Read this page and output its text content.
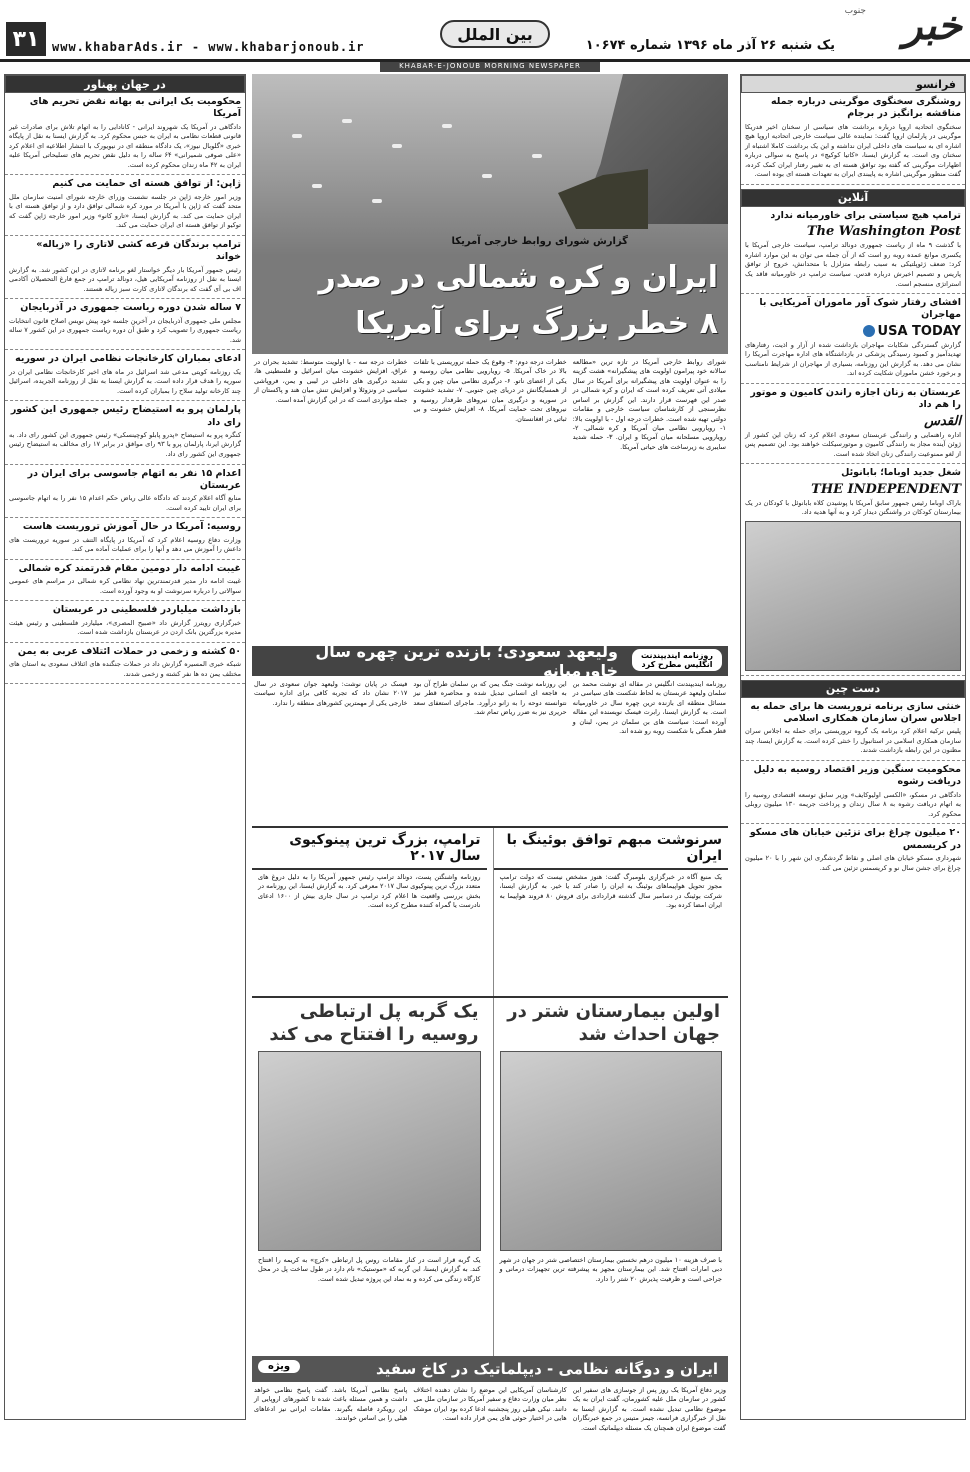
۳۱	www.khabarAds.ir - www.khabarjonoub.ir
بین الملل
یک شنبه ۲۶ آذر ماه ۱۳۹۶ شماره ۱۰۶۷۴ خبر
جنوب
KHABAR-E-JONOUB MORNING NEWSPAPER
در جهان پهناور
محکومیت یک ایرانی به بهانه نقض تحریم های آمریکا

دادگاهی در آمریکا یک شهروند ایرانی - کانادایی را به اتهام تلاش برای صادرات غیر قانونی قطعات نظامی به ایران به حبس محکوم کرد. به گزارش ایسنا به نقل از پایگاه خبری «گلوبال نیوز»، یک دادگاه منطقه ای در نیویورک با انتشار اطلاعیه ای اعلام کرد «علی صوفی شمیرانی» ۶۴ ساله را به دلیل نقض تحریم های تسلیحاتی آمریکا علیه ایران به ۴۲ ماه زندان محکوم کرده است.

ژاپن: از توافق هسته ای حمایت می کنیم

وزیر امور خارجه ژاپن در جلسه نشست وزرای خارجه شورای امنیت سازمان ملل متحد گفت که ژاپن با آمریکا در مورد کره شمالی توافق دارد و از توافق هسته ای با ایران حمایت می کند. به گزارش ایسنا، «تارو کانو» وزیر امور خارجه ژاپن گفت که توکیو از توافق هسته ای ایران حمایت می کند.

ترامپ برندگان قرعه کشی لاتاری را «زباله» خواند

رئیس جمهور آمریکا بار دیگر خواستار لغو برنامه لاتاری در این کشور شد. به گزارش ایسنا به نقل از روزنامه آمریکایی هیل، دونالد ترامپ در جمع فارغ التحصیلان آکادمی اف بی آی گفت که برندگان لاتاری کارت سبز زباله هستند.

۷ ساله شدن دوره ریاست جمهوری در آذربایجان

مجلس ملی جمهوری آذربایجان در آخرین جلسه خود پیش نویس اصلاح قانون انتخابات ریاست جمهوری را تصویب کرد و طبق آن دوره ریاست جمهوری در این کشور ۷ ساله شد.

ادعای بمباران کارخانجات نظامی ایران در سوریه

یک روزنامه کویتی مدعی شد اسرائیل در ماه های اخیر کارخانجات نظامی ایران در سوریه را هدف قرار داده است. به گزارش ایسنا به نقل از روزنامه الجریده، اسرائیل چند کارخانه تولید سلاح را بمباران کرده است.

پارلمان پرو به استیضاح رئیس جمهوری این کشور رای داد

کنگره پرو به استیضاح «پدرو پابلو کوچینسکی» رئیس جمهوری این کشور رای داد. به گزارش ایرنا، پارلمان پرو با ۹۳ رای موافق در برابر ۱۷ رای مخالف به استیضاح رئیس جمهوری این کشور رای داد.

اعدام ۱۵ نفر به اتهام جاسوسی برای ایران در عربستان

منابع آگاه اعلام کردند که دادگاه عالی ریاض حکم اعدام ۱۵ نفر را به اتهام جاسوسی برای ایران تایید کرده است.

روسیه: آمریکا در حال آموزش تروریست هاست

وزارت دفاع روسیه اعلام کرد که آمریکا در پایگاه التنف در سوریه تروریست های داعش را آموزش می دهد و آنها را برای عملیات آماده می کند.

غیبت ادامه دار دومین مقام قدرتمند کره شمالی

غیبت ادامه دار مدیر قدرتمندترین نهاد نظامی کره شمالی در مراسم های عمومی سوالاتی را درباره سرنوشت او به وجود آورده است.

بازداشت میلیاردر فلسطینی در عربستان

خبرگزاری رویترز گزارش داد «صبیح المصری»، میلیاردر فلسطینی و رئیس هیئت مدیره بزرگترین بانک اردن در عربستان بازداشت شده است.

۵۰ کشته و زخمی در حملات ائتلاف عربی به یمن

شبکه خبری المسیره گزارش داد در حملات جنگنده های ائتلاف سعودی به استان های مختلف یمن ده ها نفر کشته و زخمی شدند.

فرانسو
روشنگری سخنگوی موگرینی درباره جمله مناقشه برانگیز در برجام

سخنگوی اتحادیه اروپا درباره برداشت های سیاسی از سخنان اخیر فدریکا موگرینی در پارلمان اروپا گفت: نماینده عالی سیاست خارجی اتحادیه اروپا هیچ اشاره ای به سیاست های داخلی ایران نداشته و این یک برداشت کاملا اشتباه از سخنان وی است. به گزارش ایسنا، «کاتیا کوکیچ» در پاسخ به سوالی درباره اظهارات موگرینی که گفته بود توافق هسته ای به تغییر رفتار ایران کمک کرده، گفت منظور موگرینی اشاره به پایبندی ایران به تعهدات هسته ای بوده است.

آنلاین
ترامپ هیچ سیاستی برای خاورمیانه ندارد
The Washington Post

با گذشت ۹ ماه از ریاست جمهوری دونالد ترامپ، سیاست خارجی آمریکا با یکسری موانع عمده روبه رو است که از آن جمله می توان به این موارد اشاره کرد: ضعف ژئوپلتیکی به سبب رابطه متزلزل با متحدانش، خروج از توافق پاریس و تصمیم اخیرش درباره قدس. سیاست ترامپ در خاورمیانه فاقد یک استراتژی منسجم است.

افشای رفتار شوک آور ماموران آمریکایی با مهاجران
USA TODAY

گزارش گستردگی شکایات مهاجران بازداشت شده از آزار و اذیت، رفتارهای تهدیدآمیز و کمبود رسیدگی پزشکی در بازداشتگاه های اداره مهاجرت آمریکا را نشان می دهد. به گزارش این روزنامه، بسیاری از مهاجران از شرایط نامناسب و برخورد خشن ماموران شکایت کرده اند.

عربستان به زنان اجازه راندن کامیون و موتور را هم داد
القدس

اداره راهنمایی و رانندگی عربستان سعودی اعلام کرد که زنان این کشور از ژوئن آینده مجاز به رانندگی کامیون و موتورسیکلت خواهند بود. این تصمیم پس از لغو ممنوعیت رانندگی زنان اتخاذ شده است.

شغل جدید اوباما؛ بابانوئل
THE INDEPENDENT

باراک اوباما رئیس جمهور سابق آمریکا با پوشیدن کلاه بابانوئل با کودکان در یک بیمارستان کودکان در واشنگتن دیدار کرد و به آنها هدیه داد.

دست چین
خنثی سازی برنامه تروریست ها برای حمله به اجلاس سران سازمان همکاری اسلامی

پلیس ترکیه اعلام کرد برنامه یک گروه تروریستی برای حمله به اجلاس سران سازمان همکاری اسلامی در استانبول را خنثی کرده است. به گزارش ایسنا، چند مظنون در این رابطه بازداشت شدند.

محکومیت سنگین وزیر اقتصاد روسیه به دلیل دریافت رشوه

دادگاهی در مسکو، «الکسی اولیوکایف» وزیر سابق توسعه اقتصادی روسیه را به اتهام دریافت رشوه به ۸ سال زندان و پرداخت جریمه ۱۳۰ میلیون روبلی محکوم کرد.

۲۰ میلیون چراغ برای تزئین خیابان های مسکو در کریسمس

شهرداری مسکو خیابان های اصلی و نقاط گردشگری این شهر را با ۲۰ میلیون چراغ برای جشن سال نو و کریسمس تزئین می کند.

گزارش شورای روابط خارجی آمریکا
ایران و کره شمالی در صدر
۸ خطر بزرگ برای آمریکا
شورای روابط خارجی آمریکا در تازه ترین «مطالعه سالانه خود پیرامون اولویت های پیشگیرانه» هشت گزینه را به عنوان اولویت های پیشگیرانه برای آمریکا در سال میلادی آتی تعریف کرده است که ایران و کره شمالی در صدر این فهرست قرار دارند. این گزارش بر اساس نظرسنجی از کارشناسان سیاست خارجی و مقامات دولتی تهیه شده است. خطرات درجه اول - با اولویت بالا: ۱- رویارویی نظامی میان آمریکا و کره شمالی. ۲- رویارویی مسلحانه میان آمریکا و ایران. ۳- حمله شدید سایبری به زیرساخت های حیاتی آمریکا.
خطرات درجه دوم: ۴- وقوع یک حمله تروریستی با تلفات بالا در خاک آمریکا. ۵- رویارویی نظامی میان روسیه و یکی از اعضای ناتو. ۶- درگیری نظامی میان چین و یکی از همسایگانش در دریای چین جنوبی. ۷- تشدید خشونت در سوریه و درگیری میان نیروهای طرفدار روسیه و نیروهای تحت حمایت آمریکا. ۸- افزایش خشونت و بی ثباتی در افغانستان.
خطرات درجه سه - با اولویت متوسط: تشدید بحران در عراق، افزایش خشونت میان اسرائیل و فلسطینی ها، تشدید درگیری های داخلی در لیبی و یمن، فروپاشی سیاسی در ونزوئلا و افزایش تنش میان هند و پاکستان از جمله مواردی است که در این گزارش آمده است.
روزنامه ایندیپندنت انگلیس مطرح کرد
ولیعهد سعودی؛ بازنده ترین چهره سال خاورمیانه
روزنامه ایندیپندنت انگلیس در مقاله ای نوشت محمد بن سلمان ولیعهد عربستان به لحاظ شکست های سیاسی در مسائل منطقه ای بازنده ترین چهره سال در خاورمیانه است. به گزارش ایسنا، رابرت فیسک نویسنده این مقاله آورده است: سیاست های بن سلمان در یمن، لبنان و قطر همگی با شکست روبه رو شده اند.
این روزنامه نوشت جنگ یمن که بن سلمان طراح آن بود به فاجعه ای انسانی تبدیل شده و محاصره قطر نیز نتوانسته دوحه را به زانو درآورد. ماجرای استعفای سعد حریری نیز به ضرر ریاض تمام شد.
فیسک در پایان نوشت: ولیعهد جوان سعودی در سال ۲۰۱۷ نشان داد که تجربه کافی برای اداره سیاست خارجی یکی از مهمترین کشورهای منطقه را ندارد.
سرنوشت مبهم توافق بوئینگ با ایران
یک منبع آگاه در خبرگزاری بلومبرگ گفت: هنوز مشخص نیست که دولت ترامپ مجوز تحویل هواپیماهای بوئینگ به ایران را صادر کند یا خیر. به گزارش ایسنا، شرکت بوئینگ در دسامبر سال گذشته قراردادی برای فروش ۸۰ فروند هواپیما به ایران امضا کرده بود.
ترامپ، بزرگ ترین پینوکیوی سال ۲۰۱۷
روزنامه واشنگتن پست، دونالد ترامپ رئیس جمهور آمریکا را به دلیل دروغ های متعدد بزرگ ترین پینوکیوی سال ۲۰۱۷ معرفی کرد. به گزارش ایسنا، این روزنامه در بخش بررسی واقعیت ها اعلام کرد ترامپ در سال جاری بیش از ۱۶۰۰ ادعای نادرست یا گمراه کننده مطرح کرده است.
اولین بیمارستان شتر در جهان احداث شد
با صرف هزینه ۱۰ میلیون درهم نخستین بیمارستان اختصاصی شتر در جهان در شهر دبی امارات افتتاح شد. این بیمارستان مجهز به پیشرفته ترین تجهیزات درمانی و جراحی است و ظرفیت پذیرش ۲۰ شتر را دارد.
یک گربه پل ارتباطی روسیه را افتتاح می کند
یک گربه قرار است در کنار مقامات روس پل ارتباطی «کرچ» به کریمه را افتتاح کند. به گزارش ایسنا، این گربه که «موستیک» نام دارد در طول ساخت پل در محل کارگاه زندگی می کرده و به نماد این پروژه تبدیل شده است.
ایران و دوگانه نظامی - دیپلماتیک در کاخ سفید
ویژه
وزیر دفاع آمریکا یک روز پس از جوسازی های سفیر این کشور در سازمان ملل علیه کشورمان، گفت ایران به یک موضوع نظامی تبدیل نشده است. به گزارش ایسنا به نقل از خبرگزاری فرانسه، جیمز متیس در جمع خبرنگاران گفت موضوع ایران همچنان یک مسئله دیپلماتیک است.
کارشناسان آمریکایی این موضع را نشان دهنده اختلاف نظر میان وزارت دفاع و سفیر آمریکا در سازمان ملل می دانند. نیکی هیلی روز پنجشنبه ادعا کرده بود ایران موشک هایی در اختیار حوثی های یمن قرار داده است.
پاسخ نظامی آمریکا باشد. گفت پاسخ نظامی خواهد داشت و همین مسئله باعث شده تا کشورهای اروپایی از این رویکرد فاصله بگیرند. مقامات ایرانی نیز ادعاهای هیلی را بی اساس خواندند.
